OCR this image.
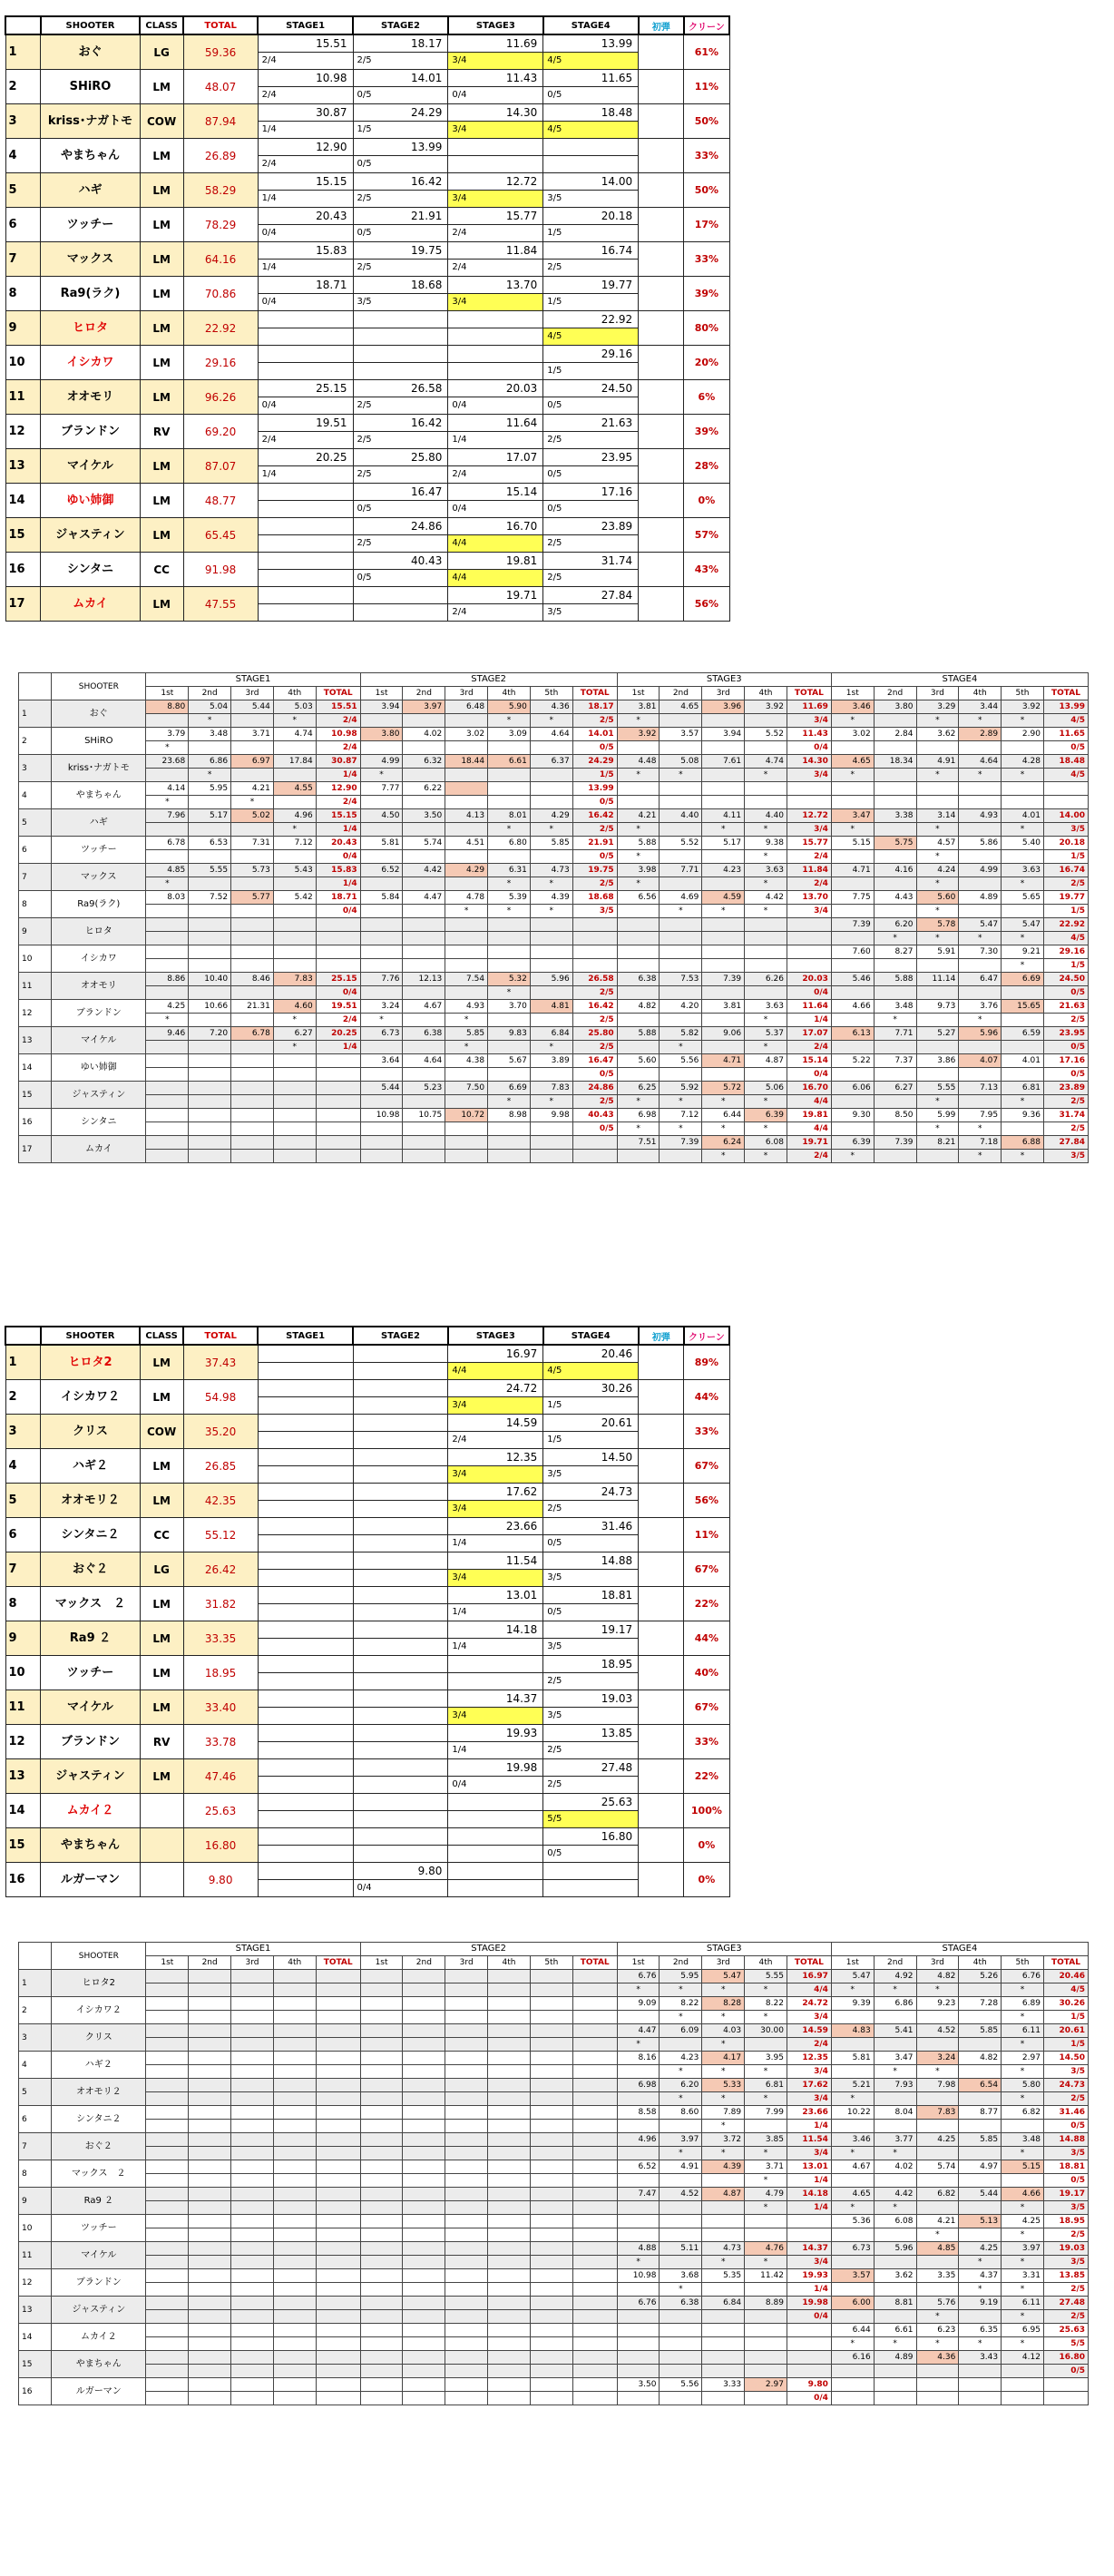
	SHOOTER	CLASS	TOTAL	STAGE1	STAGE2	STAGE3	STAGE4	初弾	クリーン
1	おぐ	LG	59.36	15.51	18.17	11.69	13.99		61%
				2/4	2/5	3/4	4/5		
2	SHiRO	LM	48.07	10.98	14.01	11.43	11.65		11%
				2/4	0/5	0/4	0/5		
3	kriss･ナガトモ	COW	87.94	30.87	24.29	14.30	18.48		50%
				1/4	1/5	3/4	4/5		
4	やまちゃん	LM	26.89	12.90	13.99				33%
				2/4	0/5				
5	ハギ	LM	58.29	15.15	16.42	12.72	14.00		50%
				1/4	2/5	3/4	3/5		
6	ツッチー	LM	78.29	20.43	21.91	15.77	20.18		17%
				0/4	0/5	2/4	1/5		
7	マックス	LM	64.16	15.83	19.75	11.84	16.74		33%
				1/4	2/5	2/4	2/5		
8	Ra9(ラク)	LM	70.86	18.71	18.68	13.70	19.77		39%
				0/4	3/5	3/4	1/5		
9	ヒロタ	LM	22.92				22.92		80%
							4/5		
10	イシカワ	LM	29.16				29.16		20%
							1/5		
11	オオモリ	LM	96.26	25.15	26.58	20.03	24.50		6%
				0/4	2/5	0/4	0/5		
12	ブランドン	RV	69.20	19.51	16.42	11.64	21.63		39%
				2/4	2/5	1/4	2/5		
13	マイケル	LM	87.07	20.25	25.80	17.07	23.95		28%
				1/4	2/5	2/4	0/5		
14	ゆい姉御	LM	48.77		16.47	15.14	17.16		0%
					0/5	0/4	0/5		
15	ジャスティン	LM	65.45		24.86	16.70	23.89		57%
					2/5	4/4	2/5		
16	シンタニ	CC	91.98		40.43	19.81	31.74		43%
					0/5	4/4	2/5		
17	ムカイ	LM	47.55			19.71	27.84		56%
						2/4	3/5		
	SHOOTER	STAGE1					STAGE2						STAGE3					STAGE4					
		1st	2nd	3rd	4th	TOTAL	1st	2nd	3rd	4th	5th	TOTAL	1st	2nd	3rd	4th	TOTAL	1st	2nd	3rd	4th	5th	TOTAL
1	おぐ	8.80	5.04	5.44	5.03	15.51	3.94	3.97	6.48	5.90	4.36	18.17	3.81	4.65	3.96	3.92	11.69	3.46	3.80	3.29	3.44	3.92	13.99
			*		*	2/4				*	*	2/5	*				3/4	*		*	*	*	4/5
2	SHiRO	3.79	3.48	3.71	4.74	10.98	3.80	4.02	3.02	3.09	4.64	14.01	3.92	3.57	3.94	5.52	11.43	3.02	2.84	3.62	2.89	2.90	11.65
		*				2/4						0/5					0/4						0/5
3	kriss･ナガトモ	23.68	6.86	6.97	17.84	30.87	4.99	6.32	18.44	6.61	6.37	24.29	4.48	5.08	7.61	4.74	14.30	4.65	18.34	4.91	4.64	4.28	18.48
			*			1/4	*					1/5	*	*		*	3/4	*		*	*	*	4/5
4	やまちゃん	4.14	5.95	4.21	4.55	12.90	7.77	6.22				13.99											
		*		*		2/4						0/5											
5	ハギ	7.96	5.17	5.02	4.96	15.15	4.50	3.50	4.13	8.01	4.29	16.42	4.21	4.40	4.11	4.40	12.72	3.47	3.38	3.14	4.93	4.01	14.00
					*	1/4				*	*	2/5	*		*	*	3/4	*		*		*	3/5
6	ツッチー	6.78	6.53	7.31	7.12	20.43	5.81	5.74	4.51	6.80	5.85	21.91	5.88	5.52	5.17	9.38	15.77	5.15	5.75	4.57	5.86	5.40	20.18
						0/4						0/5	*			*	2/4			*			1/5
7	マックス	4.85	5.55	5.73	5.43	15.83	6.52	4.42	4.29	6.31	4.73	19.75	3.98	7.71	4.23	3.63	11.84	4.71	4.16	4.24	4.99	3.63	16.74
		*				1/4				*	*	2/5	*			*	2/4			*		*	2/5
8	Ra9(ラク)	8.03	7.52	5.77	5.42	18.71	5.84	4.47	4.78	5.39	4.39	18.68	6.56	4.69	4.59	4.42	13.70	7.75	4.43	5.60	4.89	5.65	19.77
						0/4			*	*	*	3/5		*	*	*	3/4			*			1/5
9	ヒロタ																	7.39	6.20	5.78	5.47	5.47	22.92
																			*	*	*	*	4/5
10	イシカワ																	7.60	8.27	5.91	7.30	9.21	29.16
																						*	1/5
11	オオモリ	8.86	10.40	8.46	7.83	25.15	7.76	12.13	7.54	5.32	5.96	26.58	6.38	7.53	7.39	6.26	20.03	5.46	5.88	11.14	6.47	6.69	24.50
						0/4				*		2/5					0/4						0/5
12	ブランドン	4.25	10.66	21.31	4.60	19.51	3.24	4.67	4.93	3.70	4.81	16.42	4.82	4.20	3.81	3.63	11.64	4.66	3.48	9.73	3.76	15.65	21.63
		*			*	2/4	*		*			2/5				*	1/4		*		*		2/5
13	マイケル	9.46	7.20	6.78	6.27	20.25	6.73	6.38	5.85	9.83	6.84	25.80	5.88	5.82	9.06	5.37	17.07	6.13	7.71	5.27	5.96	6.59	23.95
					*	1/4			*		*	2/5		*		*	2/4						0/5
14	ゆい姉御						3.64	4.64	4.38	5.67	3.89	16.47	5.60	5.56	4.71	4.87	15.14	5.22	7.37	3.86	4.07	4.01	17.16
												0/5					0/4						0/5
15	ジャスティン						5.44	5.23	7.50	6.69	7.83	24.86	6.25	5.92	5.72	5.06	16.70	6.06	6.27	5.55	7.13	6.81	23.89
										*	*	2/5	*	*	*	*	4/4			*		*	2/5
16	シンタニ						10.98	10.75	10.72	8.98	9.98	40.43	6.98	7.12	6.44	6.39	19.81	9.30	8.50	5.99	7.95	9.36	31.74
												0/5	*	*	*	*	4/4			*	*		2/5
17	ムカイ												7.51	7.39	6.24	6.08	19.71	6.39	7.39	8.21	7.18	6.88	27.84
															*	*	2/4	*			*	*	3/5
	SHOOTER	CLASS	TOTAL	STAGE1	STAGE2	STAGE3	STAGE4	初弾	クリーン
1	ヒロタ2	LM	37.43			16.97	20.46		89%
						4/4	4/5		
2	イシカワ２	LM	54.98			24.72	30.26		44%
						3/4	1/5		
3	クリス	COW	35.20			14.59	20.61		33%
						2/4	1/5		
4	ハギ２	LM	26.85			12.35	14.50		67%
						3/4	3/5		
5	オオモリ２	LM	42.35			17.62	24.73		56%
						3/4	2/5		
6	シンタニ２	CC	55.12			23.66	31.46		11%
						1/4	0/5		
7	おぐ２	LG	26.42			11.54	14.88		67%
						3/4	3/5		
8	マックス　２	LM	31.82			13.01	18.81		22%
						1/4	0/5		
9	Ra9 ２	LM	33.35			14.18	19.17		44%
						1/4	3/5		
10	ツッチー	LM	18.95				18.95		40%
							2/5		
11	マイケル	LM	33.40			14.37	19.03		67%
						3/4	3/5		
12	ブランドン	RV	33.78			19.93	13.85		33%
						1/4	2/5		
13	ジャスティン	LM	47.46			19.98	27.48		22%
						0/4	2/5		
14	ムカイ２		25.63				25.63		100%
							5/5		
15	やまちゃん		16.80				16.80		0%
							0/5		
16	ルガーマン		9.80		9.80				0%
					0/4				
	SHOOTER	STAGE1					STAGE2						STAGE3					STAGE4					
		1st	2nd	3rd	4th	TOTAL	1st	2nd	3rd	4th	5th	TOTAL	1st	2nd	3rd	4th	TOTAL	1st	2nd	3rd	4th	5th	TOTAL
1	ヒロタ2												6.76	5.95	5.47	5.55	16.97	5.47	4.92	4.82	5.26	6.76	20.46
													*	*	*	*	4/4	*	*	*		*	4/5
2	イシカワ２												9.09	8.22	8.28	8.22	24.72	9.39	6.86	9.23	7.28	6.89	30.26
														*	*	*	3/4					*	1/5
3	クリス												4.47	6.09	4.03	30.00	14.59	4.83	5.41	4.52	5.85	6.11	20.61
													*		*		2/4					*	1/5
4	ハギ２												8.16	4.23	4.17	3.95	12.35	5.81	3.47	3.24	4.82	2.97	14.50
														*	*	*	3/4		*	*		*	3/5
5	オオモリ２												6.98	6.20	5.33	6.81	17.62	5.21	7.93	7.98	6.54	5.80	24.73
														*	*	*	3/4	*				*	2/5
6	シンタニ２												8.58	8.60	7.89	7.99	23.66	10.22	8.04	7.83	8.77	6.82	31.46
															*		1/4						0/5
7	おぐ２												4.96	3.97	3.72	3.85	11.54	3.46	3.77	4.25	5.85	3.48	14.88
														*	*	*	3/4	*	*			*	3/5
8	マックス　２												6.52	4.91	4.39	3.71	13.01	4.67	4.02	5.74	4.97	5.15	18.81
																*	1/4						0/5
9	Ra9 ２												7.47	4.52	4.87	4.79	14.18	4.65	4.42	6.82	5.44	4.66	19.17
																*	1/4	*	*			*	3/5
10	ツッチー																	5.36	6.08	4.21	5.13	4.25	18.95
																				*		*	2/5
11	マイケル												4.88	5.11	4.73	4.76	14.37	6.73	5.96	4.85	4.25	3.97	19.03
													*		*	*	3/4				*	*	3/5
12	ブランドン												10.98	3.68	5.35	11.42	19.93	3.57	3.62	3.35	4.37	3.31	13.85
														*			1/4				*	*	2/5
13	ジャスティン												6.76	6.38	6.84	8.89	19.98	6.00	8.81	5.76	9.19	6.11	27.48
																	0/4			*		*	2/5
14	ムカイ２																	6.44	6.61	6.23	6.35	6.95	25.63
																		*	*	*	*	*	5/5
15	やまちゃん																	6.16	4.89	4.36	3.43	4.12	16.80
																							0/5
16	ルガーマン												3.50	5.56	3.33	2.97	9.80						
																	0/4						
